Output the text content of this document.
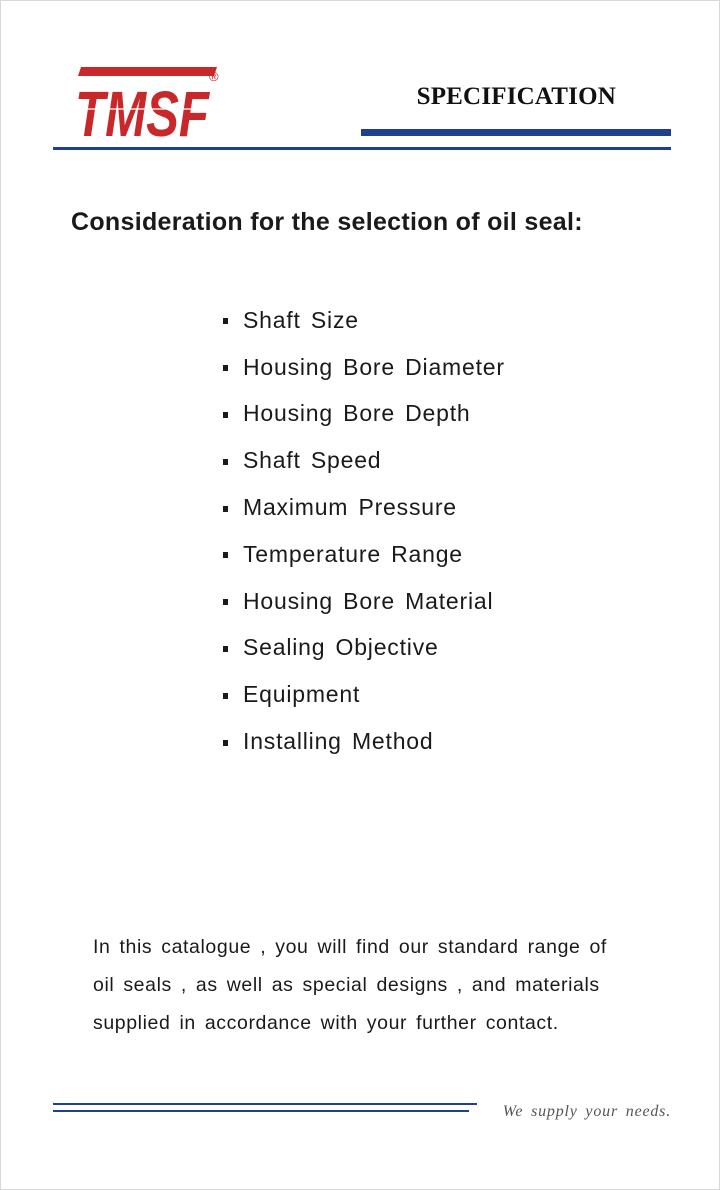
TMSF
®
SPECIFICATION
Consideration for the selection of oil seal:
Shaft Size
Housing Bore Diameter
Housing Bore Depth
Shaft Speed
Maximum Pressure
Temperature Range
Housing Bore Material
Sealing Objective
Equipment
Installing Method

In this catalogue , you will find our standard range of
oil seals , as well as special designs , and materials
supplied in accordance with your further contact.

We supply your needs.
